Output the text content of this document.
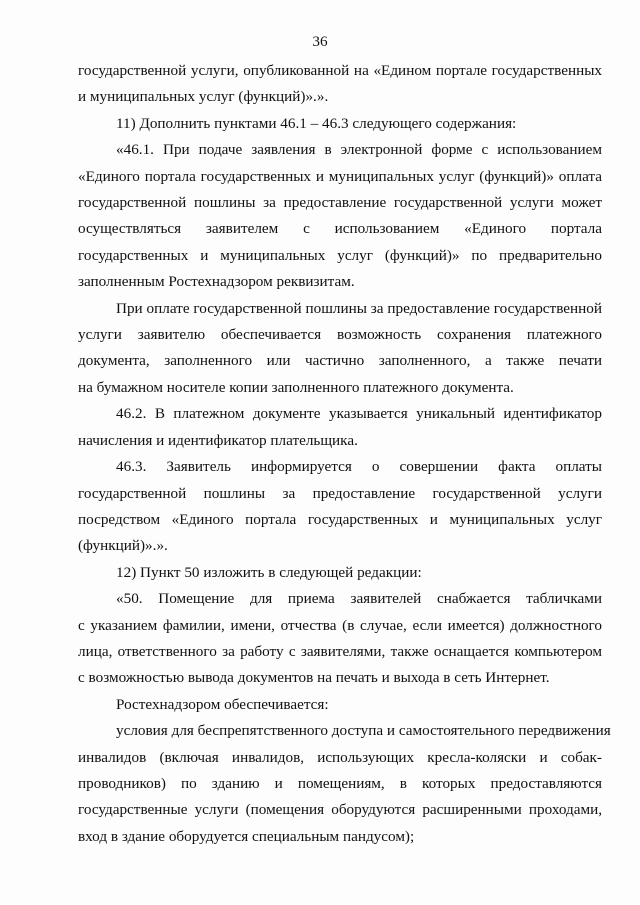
36
государственной услуги, опубликованной на «Едином портале государственных
и муниципальных услуг (функций)».».
11) Дополнить пунктами 46.1 – 46.3 следующего содержания:
«46.1. При подаче заявления в электронной форме с использованием
«Единого портала государственных и муниципальных услуг (функций)» оплата
государственной пошлины за предоставление государственной услуги может
осуществляться заявителем с использованием «Единого портала
государственных и муниципальных услуг (функций)» по предварительно
заполненным Ростехнадзором реквизитам.
При оплате государственной пошлины за предоставление государственной
услуги заявителю обеспечивается возможность сохранения платежного
документа, заполненного или частично заполненного, а также печати
на бумажном носителе копии заполненного платежного документа.
46.2. В платежном документе указывается уникальный идентификатор
начисления и идентификатор плательщика.
46.3. Заявитель информируется о совершении факта оплаты
государственной пошлины за предоставление государственной услуги
посредством «Единого портала государственных и муниципальных услуг
(функций)».».
12) Пункт 50 изложить в следующей редакции:
«50. Помещение для приема заявителей снабжается табличками
с указанием фамилии, имени, отчества (в случае, если имеется) должностного
лица, ответственного за работу с заявителями, также оснащается компьютером
с возможностью вывода документов на печать и выхода в сеть Интернет.
Ростехнадзором обеспечивается:
условия для беспрепятственного доступа и самостоятельного передвижения
инвалидов (включая инвалидов, использующих кресла-коляски и собак-
проводников) по зданию и помещениям, в которых предоставляются
государственные услуги (помещения оборудуются расширенными проходами,
вход в здание оборудуется специальным пандусом);
